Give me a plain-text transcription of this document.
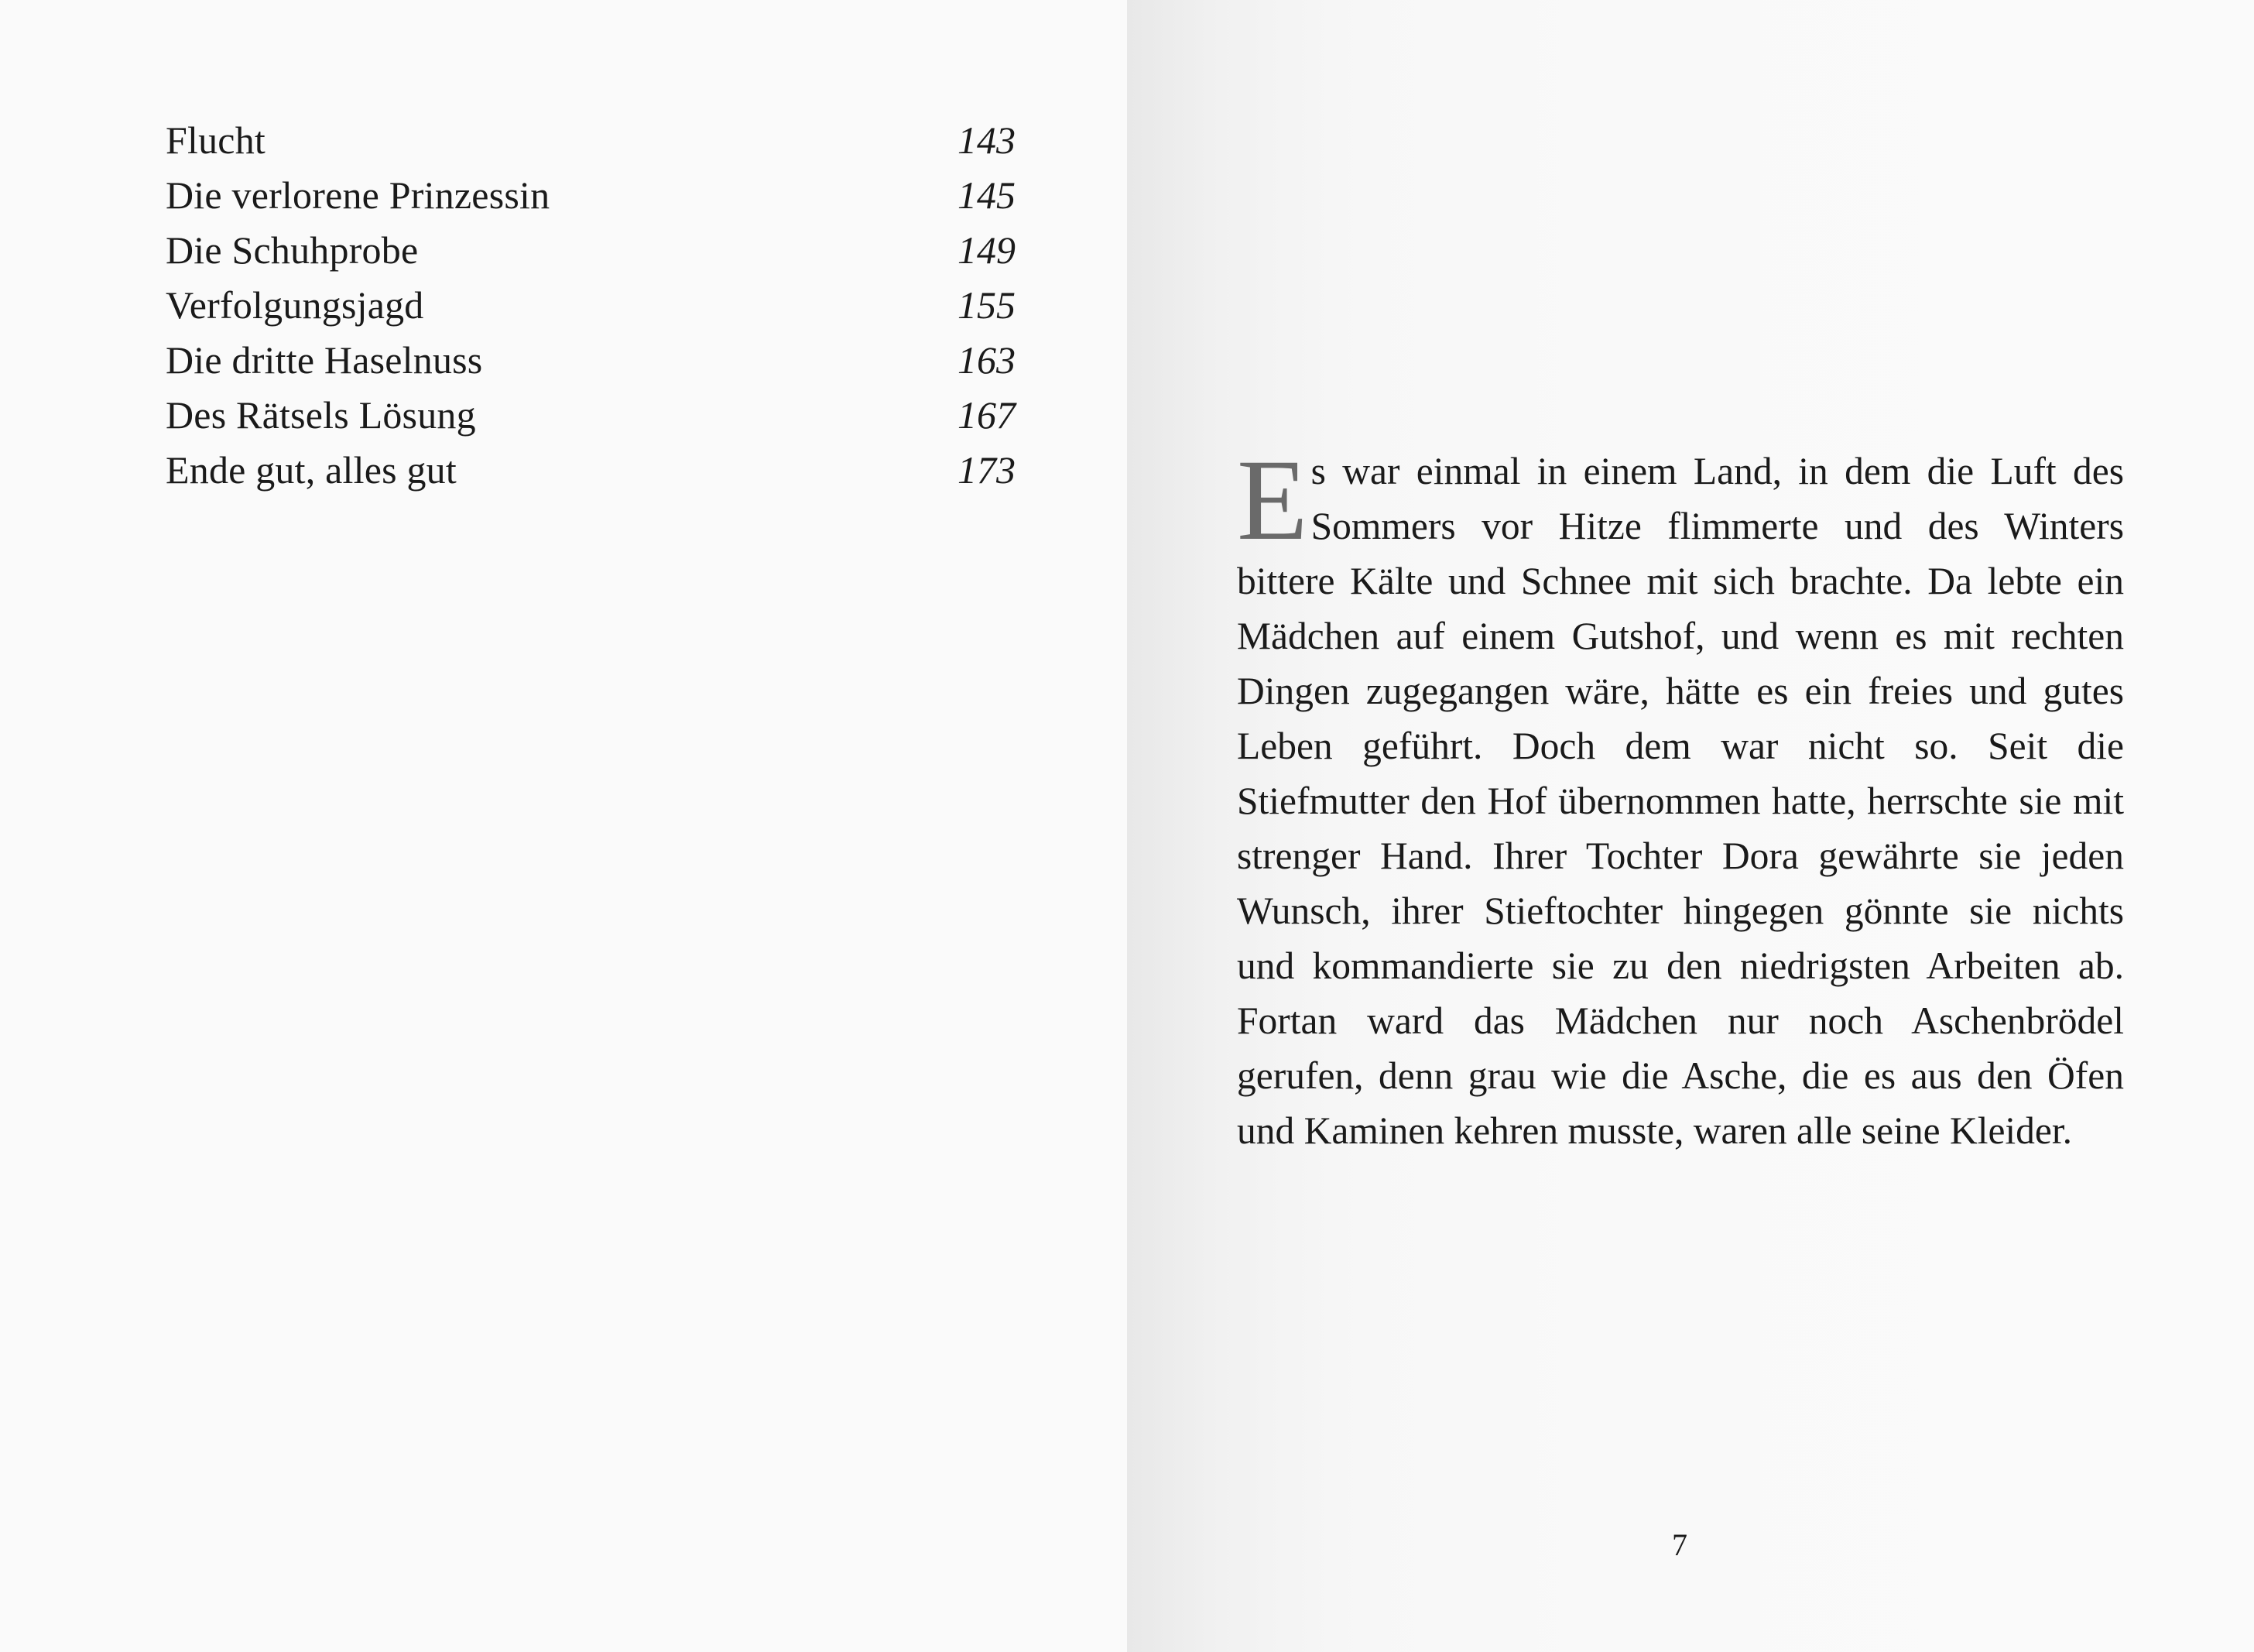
Flucht	143
Die verlorene Prinzessin	145
Die Schuhprobe	149
Verfolgungsjagd	155
Die dritte Haselnuss	163
Des Rätsels Lösung	167
Ende gut, alles gut	173 Es war einmal in einem Land, in dem die Luft des Sommers vor Hitze flimmerte und des Winters bittere Kälte und Schnee mit sich brachte. Da lebte ein Mädchen auf einem Gutshof, und wenn es mit rechten Dingen zugegangen wäre, hätte es ein freies und gutes Leben geführt. Doch dem war nicht so. Seit die Stiefmutter den Hof übernommen hatte, herrschte sie mit strenger Hand. Ihrer Tochter Dora gewährte sie jeden Wunsch, ihrer Stieftochter hingegen gönnte sie nichts und kommandierte sie zu den niedrigsten Arbeiten ab. Fortan ward das Mädchen nur noch Aschenbrödel gerufen, denn grau wie die Asche, die es aus den Öfen und Kaminen kehren musste, waren alle seine Kleider.
7
